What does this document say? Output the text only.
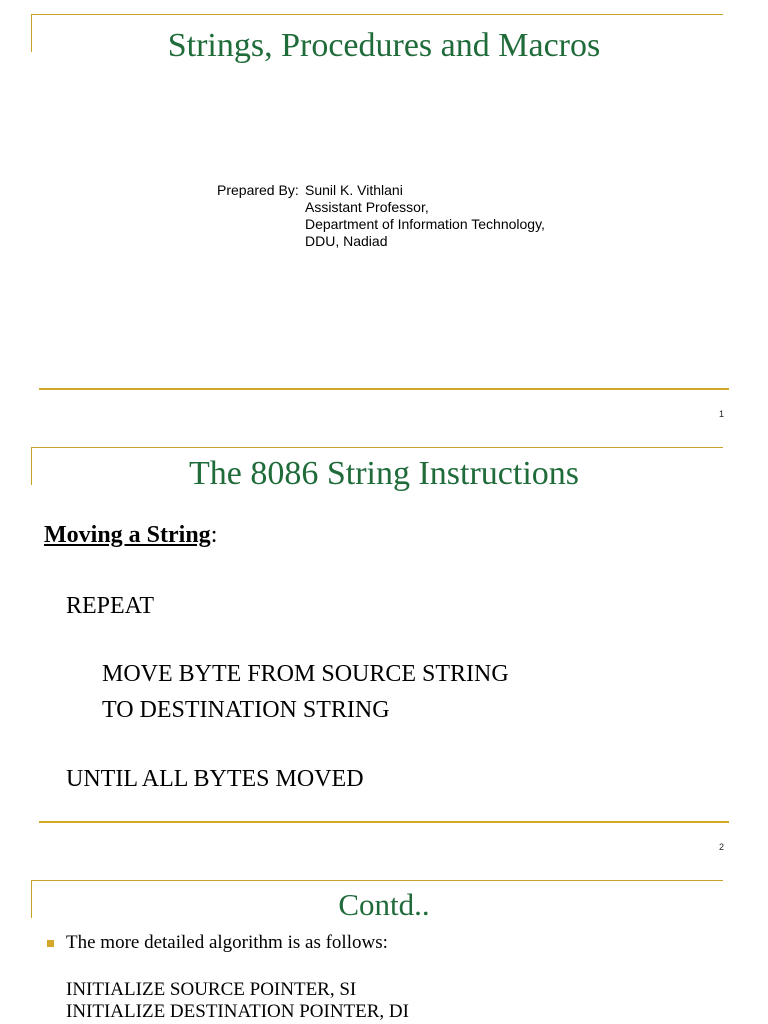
Strings, Procedures and Macros
Prepared By: Sunil K. Vithlani
Assistant Professor,
Department of Information Technology,
DDU, Nadiad
1
The 8086 String Instructions
Moving a String:
REPEAT
MOVE BYTE FROM SOURCE STRING
TO DESTINATION STRING
UNTIL ALL BYTES MOVED
2
Contd..
The more detailed algorithm is as follows:
INITIALIZE SOURCE POINTER, SI
INITIALIZE DESTINATION POINTER, DI
